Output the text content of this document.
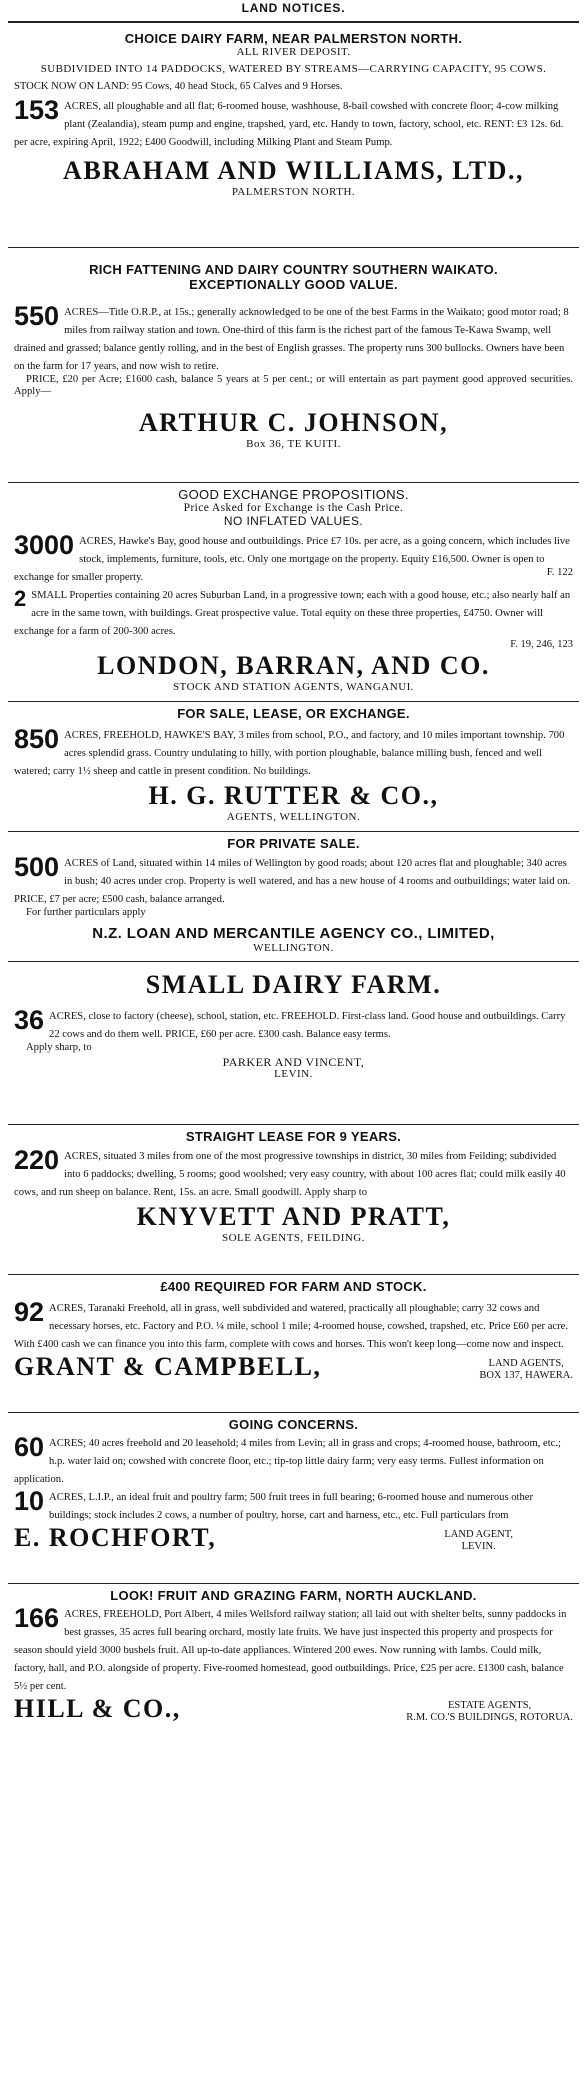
LAND NOTICES.
CHOICE DAIRY FARM, NEAR PALMERSTON NORTH.
ALL RIVER DEPOSIT.
SUBDIVIDED INTO 14 PADDOCKS, WATERED BY STREAMS—CARRYING CAPACITY, 95 COWS.
STOCK NOW ON LAND: 95 Cows, 40 head Stock, 65 Calves and 9 Horses.
153 ACRES, all ploughable and all flat; 6-roomed house, washhouse, 8-bail cowshed with concrete floor; 4-cow milking plant (Zealandia), steam pump and engine, trapshed, yard, etc. Handy to town, factory, school, etc. RENT: £3 12s. 6d. per acre, expiring April, 1922; £400 Goodwill, including Milking Plant and Steam Pump.
ABRAHAM AND WILLIAMS, LTD.,
PALMERSTON NORTH.
RICH FATTENING AND DAIRY COUNTRY SOUTHERN WAIKATO.
EXCEPTIONALLY GOOD VALUE.
550 ACRES—Title O.R.P., at 15s.; generally acknowledged to be one of the best Farms in the Waikato; good motor road; 8 miles from railway station and town. One-third of this farm is the richest part of the famous Te-Kawa Swamp, well drained and grassed; balance gently rolling, and in the best of English grasses. The property runs 300 bullocks. Owners have been on the farm for 17 years, and now wish to retire.
PRICE, £20 per Acre; £1600 cash, balance 5 years at 5 per cent.; or will entertain as part payment good approved securities. Apply—
ARTHUR C. JOHNSON,
Box 36, TE KUITI.
GOOD EXCHANGE PROPOSITIONS.
Price Asked for Exchange is the Cash Price.
NO INFLATED VALUES.
3000 ACRES, Hawke's Bay, good house and outbuildings. Price £7 10s. per acre, as a going concern, which includes live stock, implements, furniture, tools, etc. Only one mortgage on the property. Equity £16,500. Owner is open to exchange for smaller property.	F. 122
2 SMALL Properties containing 20 acres Suburban Land, in a progressive town; each with a good house, etc.; also nearly half an acre in the same town, with buildings. Great prospective value. Total equity on these three properties, £4750. Owner will exchange for a farm of 200-300 acres.
F. 19, 246, 123
LONDON, BARRAN, AND CO.
STOCK AND STATION AGENTS, WANGANUI.
FOR SALE, LEASE, OR EXCHANGE.
850 ACRES, FREEHOLD, HAWKE'S BAY, 3 miles from school, P.O., and factory, and 10 miles important township. 700 acres splendid grass. Country undulating to hilly, with portion ploughable, balance milling bush, fenced and well watered; carry 1½ sheep and cattle in present condition. No buildings.
H. G. RUTTER & CO.,
AGENTS, WELLINGTON.
FOR PRIVATE SALE.
500 ACRES of Land, situated within 14 miles of Wellington by good roads; about 120 acres flat and ploughable; 340 acres in bush; 40 acres under crop. Property is well watered, and has a new house of 4 rooms and outbuildings; water laid on. PRICE, £7 per acre; £500 cash, balance arranged.
For further particulars apply
N.Z. LOAN AND MERCANTILE AGENCY CO., LIMITED,
WELLINGTON.
SMALL DAIRY FARM.
36 ACRES, close to factory (cheese), school, station, etc. FREEHOLD. First-class land. Good house and outbuildings. Carry 22 cows and do them well. PRICE, £60 per acre. £300 cash. Balance easy terms.
Apply sharp, to
PARKER AND VINCENT,
LEVIN.
STRAIGHT LEASE FOR 9 YEARS.
220 ACRES, situated 3 miles from one of the most progressive townships in district, 30 miles from Feilding; subdivided into 6 paddocks; dwelling, 5 rooms; good woolshed; very easy country, with about 100 acres flat; could milk easily 40 cows, and run sheep on balance. Rent, 15s. an acre. Small goodwill. Apply sharp to
KNYVETT AND PRATT,
SOLE AGENTS, FEILDING.
£400 REQUIRED FOR FARM AND STOCK.
92 ACRES, Taranaki Freehold, all in grass, well subdivided and watered, practically all ploughable; carry 32 cows and necessary horses, etc. Factory and P.O. ¼ mile, school 1 mile; 4-roomed house, cowshed, trapshed, etc. Price £60 per acre. With £400 cash we can finance you into this farm, complete with cows and horses. This won't keep long—come now and inspect.
GRANT & CAMPBELL,	LAND AGENTS,
BOX 137, HAWERA.
GOING CONCERNS.
60 ACRES; 40 acres freehold and 20 leasehold; 4 miles from Levin; all in grass and crops; 4-roomed house, bathroom, etc.; h.p. water laid on; cowshed with concrete floor, etc.; tip-top little dairy farm; very easy terms. Fullest information on application.
10 ACRES, L.I.P., an ideal fruit and poultry farm; 500 fruit trees in full bearing; 6-roomed house and numerous other buildings; stock includes 2 cows, a number of poultry, horse, cart and harness, etc., etc. Full particulars from
E. ROCHFORT,	LAND AGENT,
LEVIN.
LOOK! FRUIT AND GRAZING FARM, NORTH AUCKLAND.
166 ACRES, FREEHOLD, Port Albert, 4 miles Wellsford railway station; all laid out with shelter belts, sunny paddocks in best grasses, 35 acres full bearing orchard, mostly late fruits. We have just inspected this property and prospects for season should yield 3000 bushels fruit. All up-to-date appliances. Wintered 200 ewes. Now running with lambs. Could milk, factory, hall, and P.O. alongside of property. Five-roomed homestead, good outbuildings. Price, £25 per acre. £1300 cash, balance 5½ per cent.
HILL & CO.,	ESTATE AGENTS,
R.M. CO.'S BUILDINGS, ROTORUA.
